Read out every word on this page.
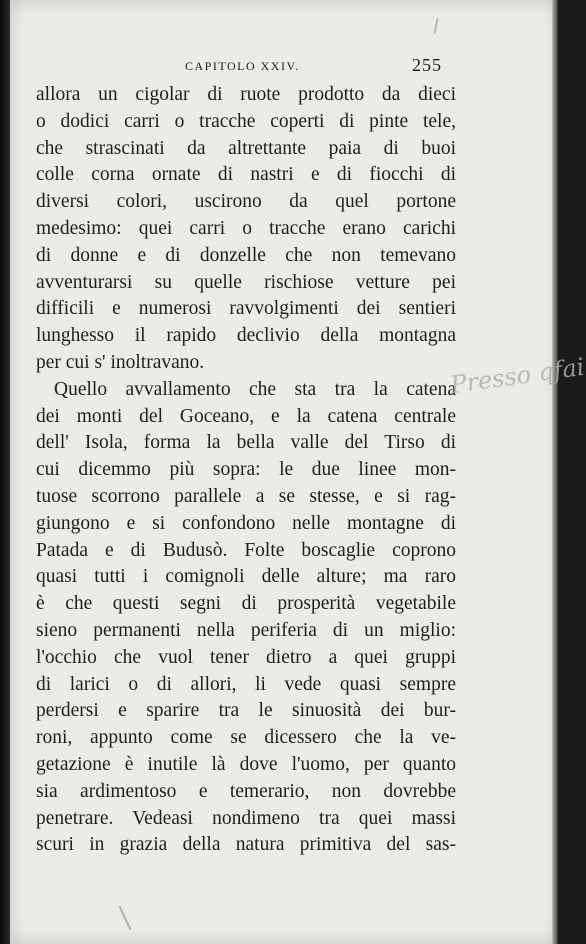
CAPITOLO XXIV.	255
allora un cigolar di ruote prodotto da dieci
o dodici carri o tracche coperti di pinte tele,
che strascinati da altrettante paia di buoi
colle corna ornate di nastri e di fiocchi di
diversi colori, uscirono da quel portone
medesimo: quei carri o tracche erano carichi
di donne e di donzelle che non temevano
avventurarsi su quelle rischiose vetture pei
difficili e numerosi ravvolgimenti dei sentieri
lunghesso il rapido declivio della montagna
per cui s' inoltravano.
Quello avvallamento che sta tra la catena
dei monti del Goceano, e la catena centrale
dell' Isola, forma la bella valle del Tirso di
cui dicemmo più sopra: le due linee mon-
tuose scorrono parallele a se stesse, e si rag-
giungono e si confondono nelle montagne di
Patada e di Budusò. Folte boscaglie coprono
quasi tutti i comignoli delle alture; ma raro
è che questi segni di prosperità vegetabile
sieno permanenti nella periferia di un miglio:
l'occhio che vuol tener dietro a quei gruppi
di larici o di allori, li vede quasi sempre
perdersi e sparire tra le sinuosità dei bur-
roni, appunto come se dicessero che la ve-
getazione è inutile là dove l'uomo, per quanto
sia ardimentoso e temerario, non dovrebbe
penetrare. Vedeasi nondimeno tra quei massi
scuri in grazia della natura primitiva del sas-
Presso qfai
